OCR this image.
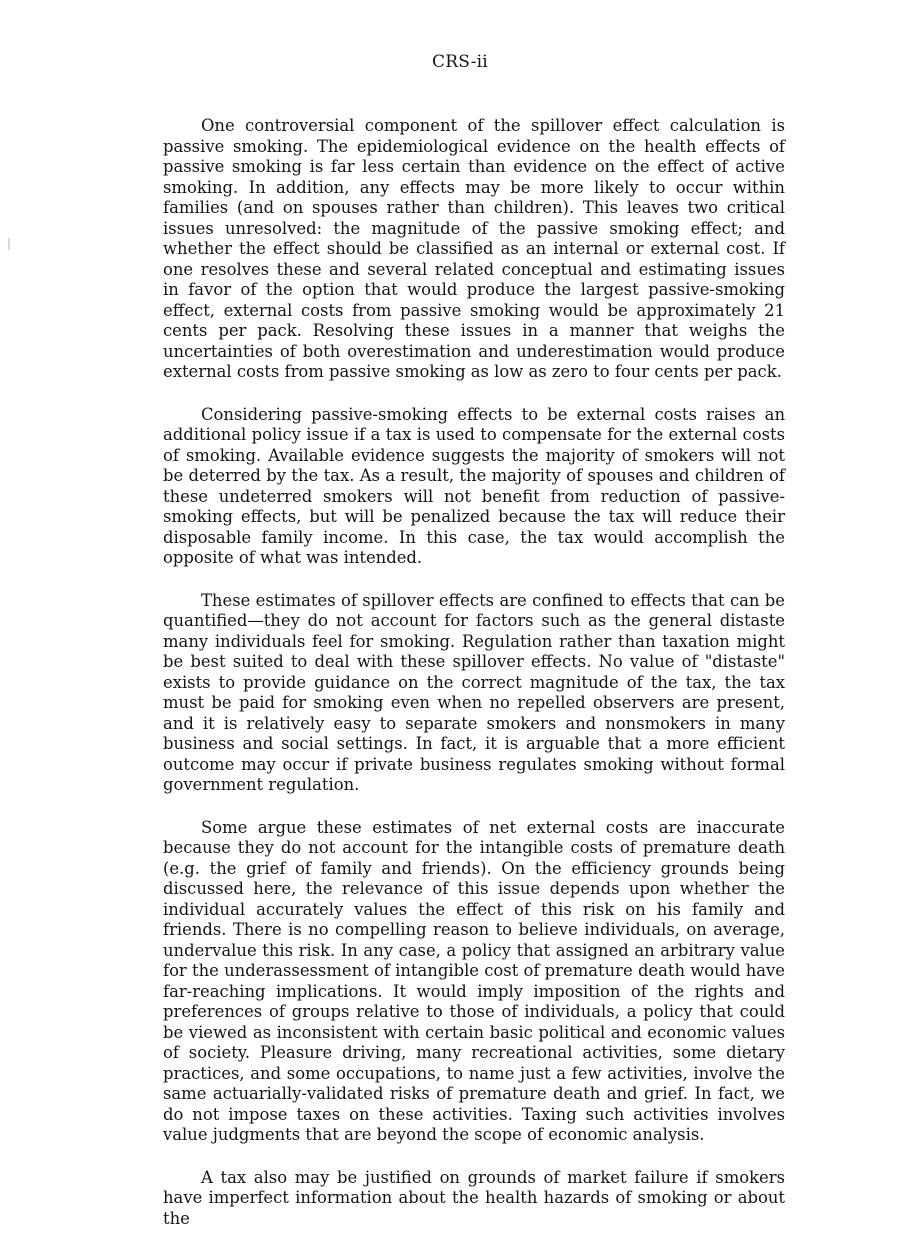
CRS-ii

One controversial component of the spillover effect calculation is passive smoking. The epidemiological evidence on the health effects of passive smoking is far less certain than evidence on the effect of active smoking. In addition, any effects may be more likely to occur within families (and on spouses rather than children). This leaves two critical issues unresolved: the magnitude of the passive smoking effect; and whether the effect should be classified as an internal or external cost. If one resolves these and several related conceptual and estimating issues in favor of the option that would produce the largest passive-smoking effect, external costs from passive smoking would be approximately 21 cents per pack. Resolving these issues in a manner that weighs the uncertainties of both overestimation and underestimation would produce external costs from passive smoking as low as zero to four cents per pack.

Considering passive-smoking effects to be external costs raises an additional policy issue if a tax is used to compensate for the external costs of smoking. Available evidence suggests the majority of smokers will not be deterred by the tax. As a result, the majority of spouses and children of these undeterred smokers will not benefit from reduction of passive-smoking effects, but will be penalized because the tax will reduce their disposable family income. In this case, the tax would accomplish the opposite of what was intended.

These estimates of spillover effects are confined to effects that can be quantified—they do not account for factors such as the general distaste many individuals feel for smoking. Regulation rather than taxation might be best suited to deal with these spillover effects. No value of "distaste" exists to provide guidance on the correct magnitude of the tax, the tax must be paid for smoking even when no repelled observers are present, and it is relatively easy to separate smokers and nonsmokers in many business and social settings. In fact, it is arguable that a more efficient outcome may occur if private business regulates smoking without formal government regulation.

Some argue these estimates of net external costs are inaccurate because they do not account for the intangible costs of premature death (e.g. the grief of family and friends). On the efficiency grounds being discussed here, the relevance of this issue depends upon whether the individual accurately values the effect of this risk on his family and friends. There is no compelling reason to believe individuals, on average, undervalue this risk. In any case, a policy that assigned an arbitrary value for the underassessment of intangible cost of premature death would have far-reaching implications. It would imply imposition of the rights and preferences of groups relative to those of individuals, a policy that could be viewed as inconsistent with certain basic political and economic values of society. Pleasure driving, many recreational activities, some dietary practices, and some occupations, to name just a few activities, involve the same actuarially-validated risks of premature death and grief. In fact, we do not impose taxes on these activities. Taxing such activities involves value judgments that are beyond the scope of economic analysis.

A tax also may be justified on grounds of market failure if smokers have imperfect information about the health hazards of smoking or about the
